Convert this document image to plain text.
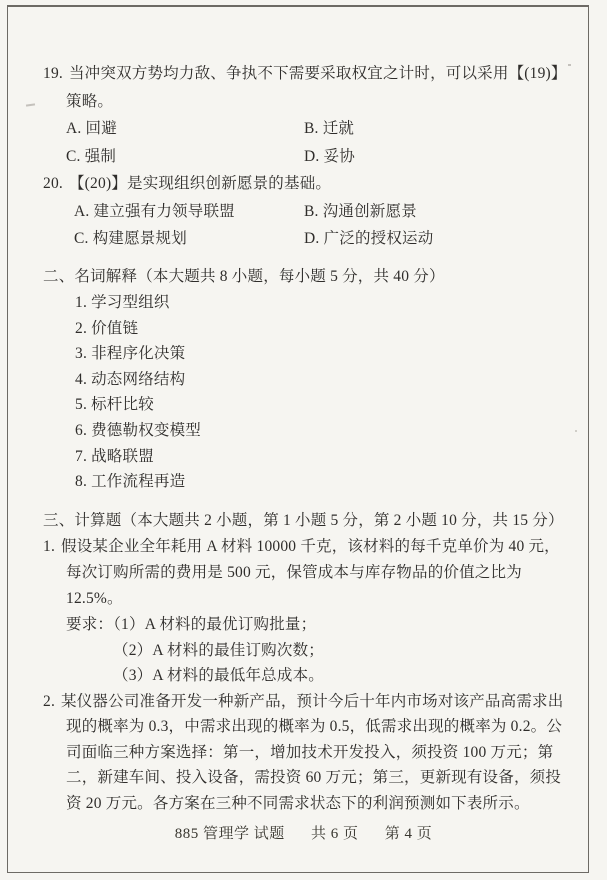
19. 当冲突双方势均力敌、争执不下需要采取权宜之计时，可以采用【(19)】策略。

A. 回避	B. 迁就
C. 强制	D. 妥协

20. 【(20)】是实现组织创新愿景的基础。

A. 建立强有力领导联盟	B. 沟通创新愿景
C. 构建愿景规划	D. 广泛的授权运动

二、名词解释（本大题共 8 小题，每小题 5 分，共 40 分）

1. 学习型组织
2. 价值链
3. 非程序化决策
4. 动态网络结构
5. 标杆比较
6. 费德勒权变模型
7. 战略联盟
8. 工作流程再造

三、计算题（本大题共 2 小题，第 1 小题 5 分，第 2 小题 10 分，共 15 分）

1. 假设某企业全年耗用 A 材料 10000 千克，该材料的每千克单价为 40 元，每次订购所需的费用是 500 元，保管成本与库存物品的价值之比为 12.5%。

要求：（1）A 材料的最优订购批量；
（2）A 材料的最佳订购次数；
（3）A 材料的最低年总成本。

2. 某仪器公司准备开发一种新产品，预计今后十年内市场对该产品高需求出现的概率为 0.3，中需求出现的概率为 0.5，低需求出现的概率为 0.2。公司面临三种方案选择：第一，增加技术开发投入，须投资 100 万元；第二，新建车间、投入设备，需投资 60 万元；第三，更新现有设备，须投资 20 万元。各方案在三种不同需求状态下的利润预测如下表所示。

885 管理学 试题 共 6 页 第 4 页
